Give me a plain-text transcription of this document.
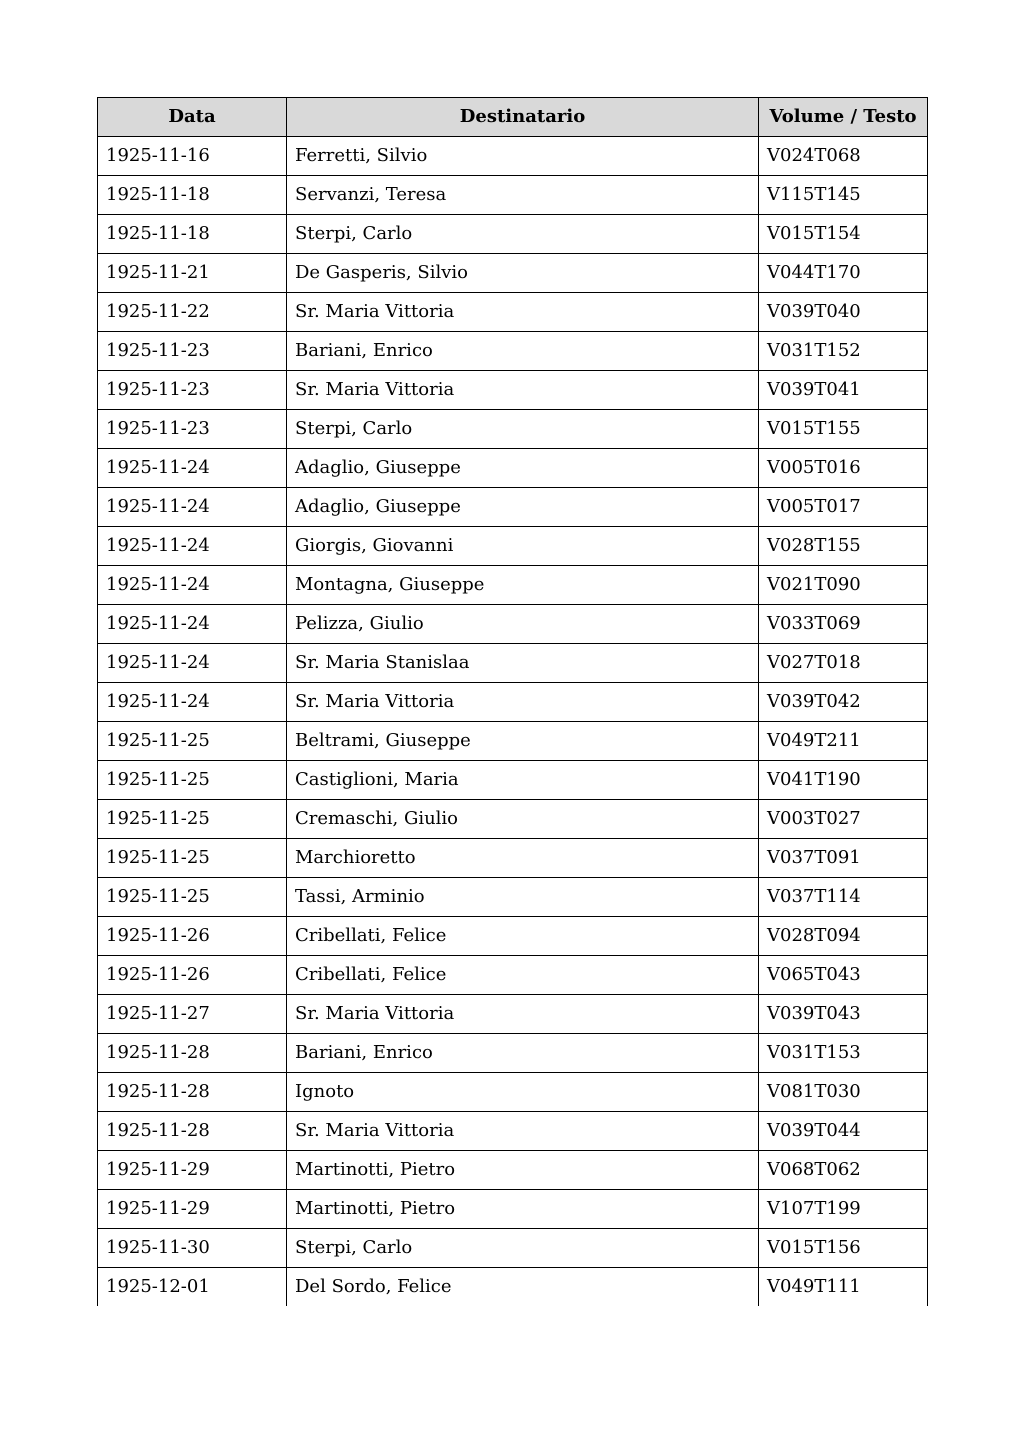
Data	Destinatario	Volume / Testo
1925-11-16	Ferretti, Silvio	V024T068
1925-11-18	Servanzi, Teresa	V115T145
1925-11-18	Sterpi, Carlo	V015T154
1925-11-21	De Gasperis, Silvio	V044T170
1925-11-22	Sr. Maria Vittoria	V039T040
1925-11-23	Bariani, Enrico	V031T152
1925-11-23	Sr. Maria Vittoria	V039T041
1925-11-23	Sterpi, Carlo	V015T155
1925-11-24	Adaglio, Giuseppe	V005T016
1925-11-24	Adaglio, Giuseppe	V005T017
1925-11-24	Giorgis, Giovanni	V028T155
1925-11-24	Montagna, Giuseppe	V021T090
1925-11-24	Pelizza, Giulio	V033T069
1925-11-24	Sr. Maria Stanislaa	V027T018
1925-11-24	Sr. Maria Vittoria	V039T042
1925-11-25	Beltrami, Giuseppe	V049T211
1925-11-25	Castiglioni, Maria	V041T190
1925-11-25	Cremaschi, Giulio	V003T027
1925-11-25	Marchioretto	V037T091
1925-11-25	Tassi, Arminio	V037T114
1925-11-26	Cribellati, Felice	V028T094
1925-11-26	Cribellati, Felice	V065T043
1925-11-27	Sr. Maria Vittoria	V039T043
1925-11-28	Bariani, Enrico	V031T153
1925-11-28	Ignoto	V081T030
1925-11-28	Sr. Maria Vittoria	V039T044
1925-11-29	Martinotti, Pietro	V068T062
1925-11-29	Martinotti, Pietro	V107T199
1925-11-30	Sterpi, Carlo	V015T156
1925-12-01	Del Sordo, Felice	V049T111
